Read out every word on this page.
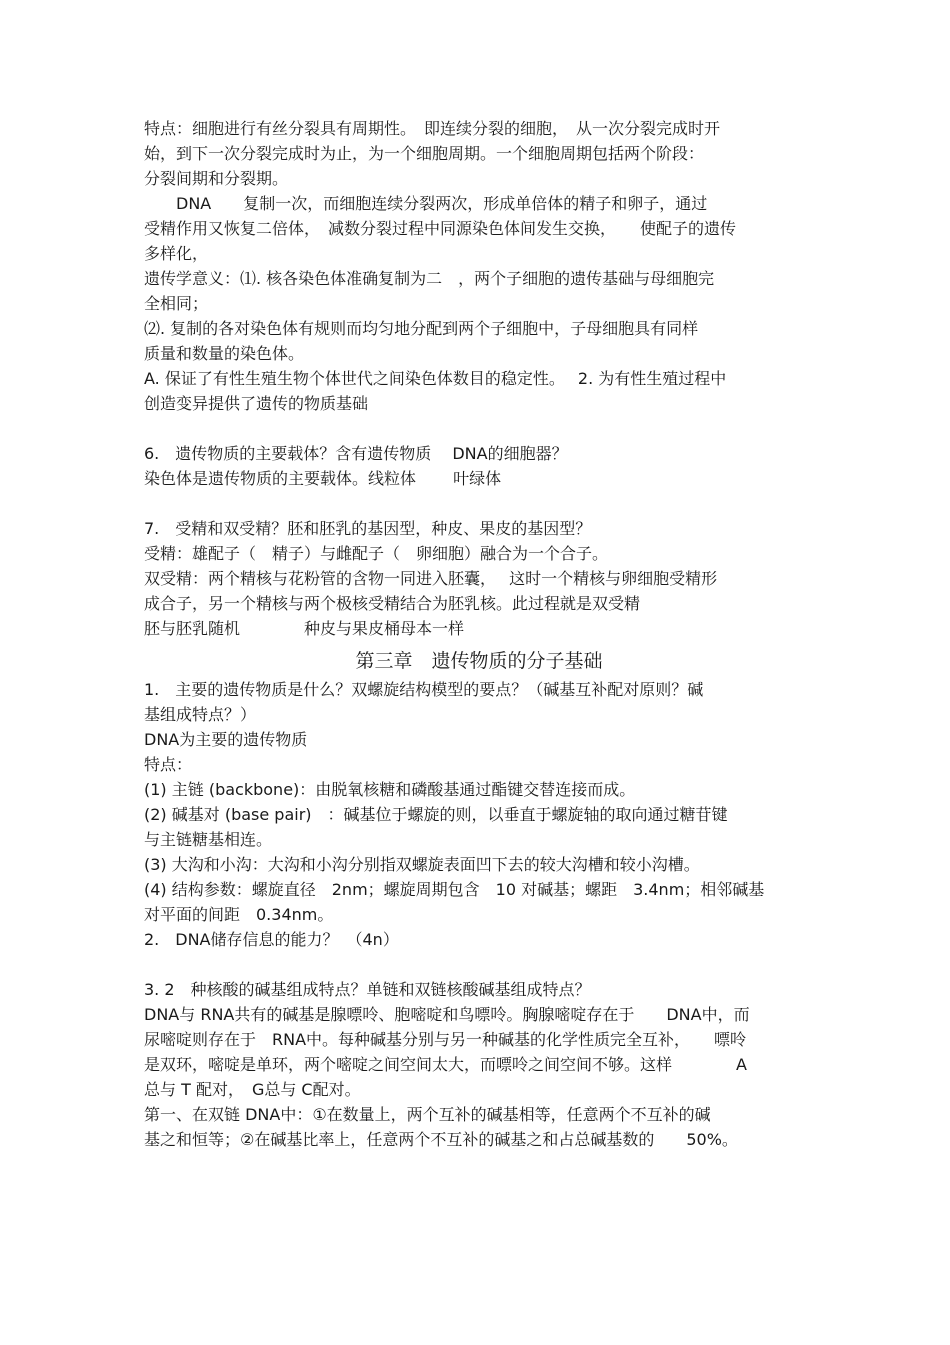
特点：细胞进行有丝分裂具有周期性。　即连续分裂的细胞，　从一次分裂完成时开
始，到下一次分裂完成时为止，为一个细胞周期。一个细胞周期包括两个阶段：
分裂间期和分裂期。
　　DNA　　复制一次，而细胞连续分裂两次，形成单倍体的精子和卵子，通过
受精作用又恢复二倍体，　减数分裂过程中同源染色体间发生交换，　　使配子的遗传
多样化，
遗传学意义：⑴. 核各染色体准确复制为二　，两个子细胞的遗传基础与母细胞完
全相同；
⑵. 复制的各对染色体有规则而均匀地分配到两个子细胞中，子母细胞具有同样
质量和数量的染色体。
A. 保证了有性生殖生物个体世代之间染色体数目的稳定性。　 2. 为有性生殖过程中
创造变异提供了遗传的物质基础
6.　遗传物质的主要载体？含有遗传物质　 DNA的细胞器？
染色体是遗传物质的主要载体。线粒体　　 叶绿体
7.　受精和双受精？胚和胚乳的基因型，种皮、果皮的基因型？
受精：雄配子（　精子）与雌配子（　卵细胞）融合为一个合子。
双受精：两个精核与花粉管的含物一同进入胚囊，　 这时一个精核与卵细胞受精形
成合子，另一个精核与两个极核受精结合为胚乳核。此过程就是双受精
胚与胚乳随机　　　　种皮与果皮桶母本一样
第三章　遗传物质的分子基础
1.　主要的遗传物质是什么？双螺旋结构模型的要点？（碱基互补配对原则？碱
基组成特点？）
DNA为主要的遗传物质
特点：
(1) 主链 (backbone)：由脱氧核糖和磷酸基通过酯键交替连接而成。
(2) 碱基对 (base pair)　：碱基位于螺旋的则，以垂直于螺旋轴的取向通过糖苷键
与主链糖基相连。
(3) 大沟和小沟：大沟和小沟分别指双螺旋表面凹下去的较大沟槽和较小沟槽。
(4) 结构参数：螺旋直径　2nm；螺旋周期包含　10 对碱基；螺距　3.4nm；相邻碱基
对平面的间距　0.34nm。
2.　DNA储存信息的能力？　（4n）
3. 2　种核酸的碱基组成特点？单链和双链核酸碱基组成特点？
DNA与 RNA共有的碱基是腺嘌呤、胞嘧啶和鸟嘌呤。胸腺嘧啶存在于　　DNA中，而
尿嘧啶则存在于　RNA中。每种碱基分别与另一种碱基的化学性质完全互补，　　嘌呤
是双环，嘧啶是单环，两个嘧啶之间空间太大，而嘌呤之间空间不够。这样　　　　A
总与 T 配对，　G总与 C配对。
第一、在双链 DNA中：①在数量上，两个互补的碱基相等，任意两个不互补的碱
基之和恒等；②在碱基比率上，任意两个不互补的碱基之和占总碱基数的　　50%。
